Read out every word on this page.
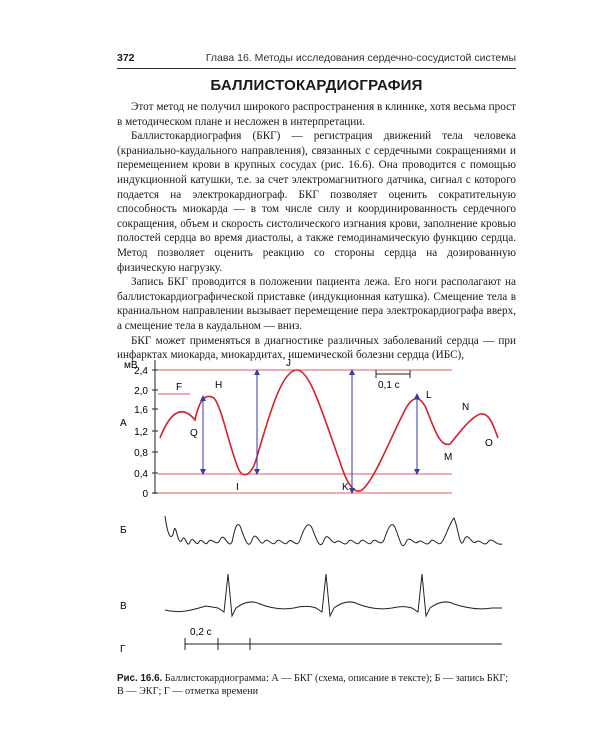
372	Глава 16. Методы исследования сердечно-сосудистой системы
БАЛЛИСТОКАРДИОГРАФИЯ

Этот метод не получил широкого распространения в клинике, хотя весьма прост в методическом плане и несложен в интерпретации.

Баллистокардиография (БКГ) — регистрация движений тела человека (краниально-каудального направления), связанных с сердечными сокращениями и перемещением крови в крупных сосудах (рис. 16.6). Она проводится с помощью индукционной катушки, т.е. за счет электромагнитного датчика, сигнал с которого подается на электрокардиограф. БКГ позволяет оценить сократительную способность миокарда — в том числе силу и координированность сердечного сокращения, объем и скорость систолического изгнания крови, заполнение кровью полостей сердца во время диастолы, а также гемодинамическую функцию сердца. Метод позволяет оценить реакцию со стороны сердца на дозированную физическую нагрузку.

Запись БКГ проводится в положении пациента лежа. Его ноги располагают на баллистокардиографической приставке (индукционная катушка). Смещение тела в краниальном направлении вызывает перемещение пера электрокардиографа вверх, а смещение тела в каудальном — вниз.

БКГ может применяться в диагностике различных заболеваний сердца — при инфарктах миокарда, миокардитах, ишемической болезни сердца (ИБС),

мВ
2,4
2,0
1,6
1,2
0,8
0,4
0
F	H
J
Q
I	K
L
M
N
O
0,1 с
А
Б
В
Г
0,2 с
Рис. 16.6. Баллистокардиограмма: А — БКГ (схема, описание в тексте); Б — запись БКГ; В — ЭКГ; Г — отметка времени
